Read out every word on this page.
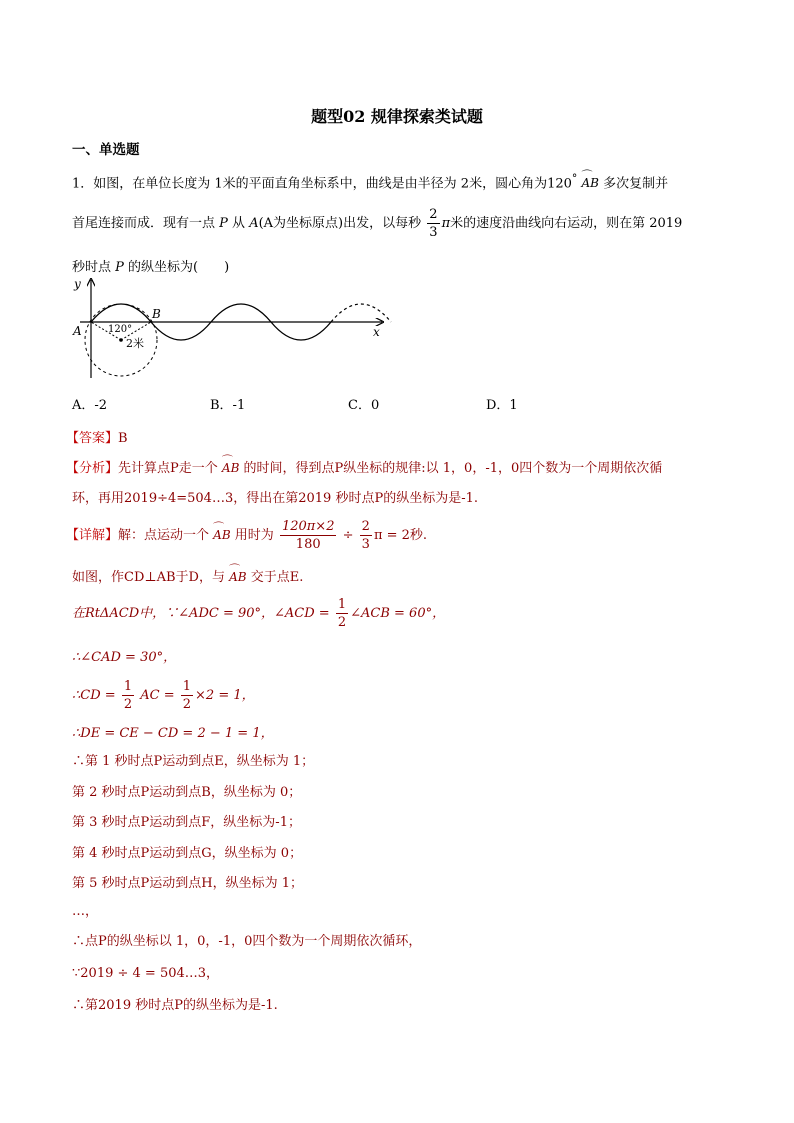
题型02 规律探索类试题
一、单选题
1．如图，在单位长度为 1米的平面直角坐标系中，曲线是由半径为 2米，圆心角为120° ⌒ AB 多次复制并
首尾连接而成．现有一点 P 从 A(A为坐标原点)出发，以每秒 $\frac{2}{3}$ π米的速度沿曲线向右运动，则在第 2019
秒时点 P 的纵坐标为(　　)
y
x
A
B
120°
2米
A．-2	B．-1	C．0	D．1
【答案】B
【分析】先计算点P走一个 ⌒ AB 的时间，得到点P纵坐标的规律:以 1，0，-1，0四个数为一个周期依次循
环，再用2019÷4=504…3，得出在第2019 秒时点P的纵坐标为是-1.
【详解】解：点运动一个 ⌒ AB 用时为 $\frac{120\pi\times 2}{180} \div \frac{2}{3}$ π = 2秒.
如图，作CD⊥AB于D，与 ⌒ AB 交于点E.
在RtΔACD中，∵∠ADC = 90°，∠ACD = $\frac{1}{2}$ ∠ACB = 60°，
∴∠CAD = 30°，
∴CD = $\frac{1}{2}$ AC = $\frac{1}{2} \times 2 = 1$，
∴DE = CE − CD = 2 − 1 = 1，
∴第 1 秒时点P运动到点E，纵坐标为 1；
第 2 秒时点P运动到点B，纵坐标为 0；
第 3 秒时点P运动到点F，纵坐标为-1；
第 4 秒时点P运动到点G，纵坐标为 0；
第 5 秒时点P运动到点H，纵坐标为 1；
…，
∴点P的纵坐标以 1，0，-1，0四个数为一个周期依次循环，
∵2019 ÷ 4 = 504…3，
∴第2019 秒时点P的纵坐标为是-1.
